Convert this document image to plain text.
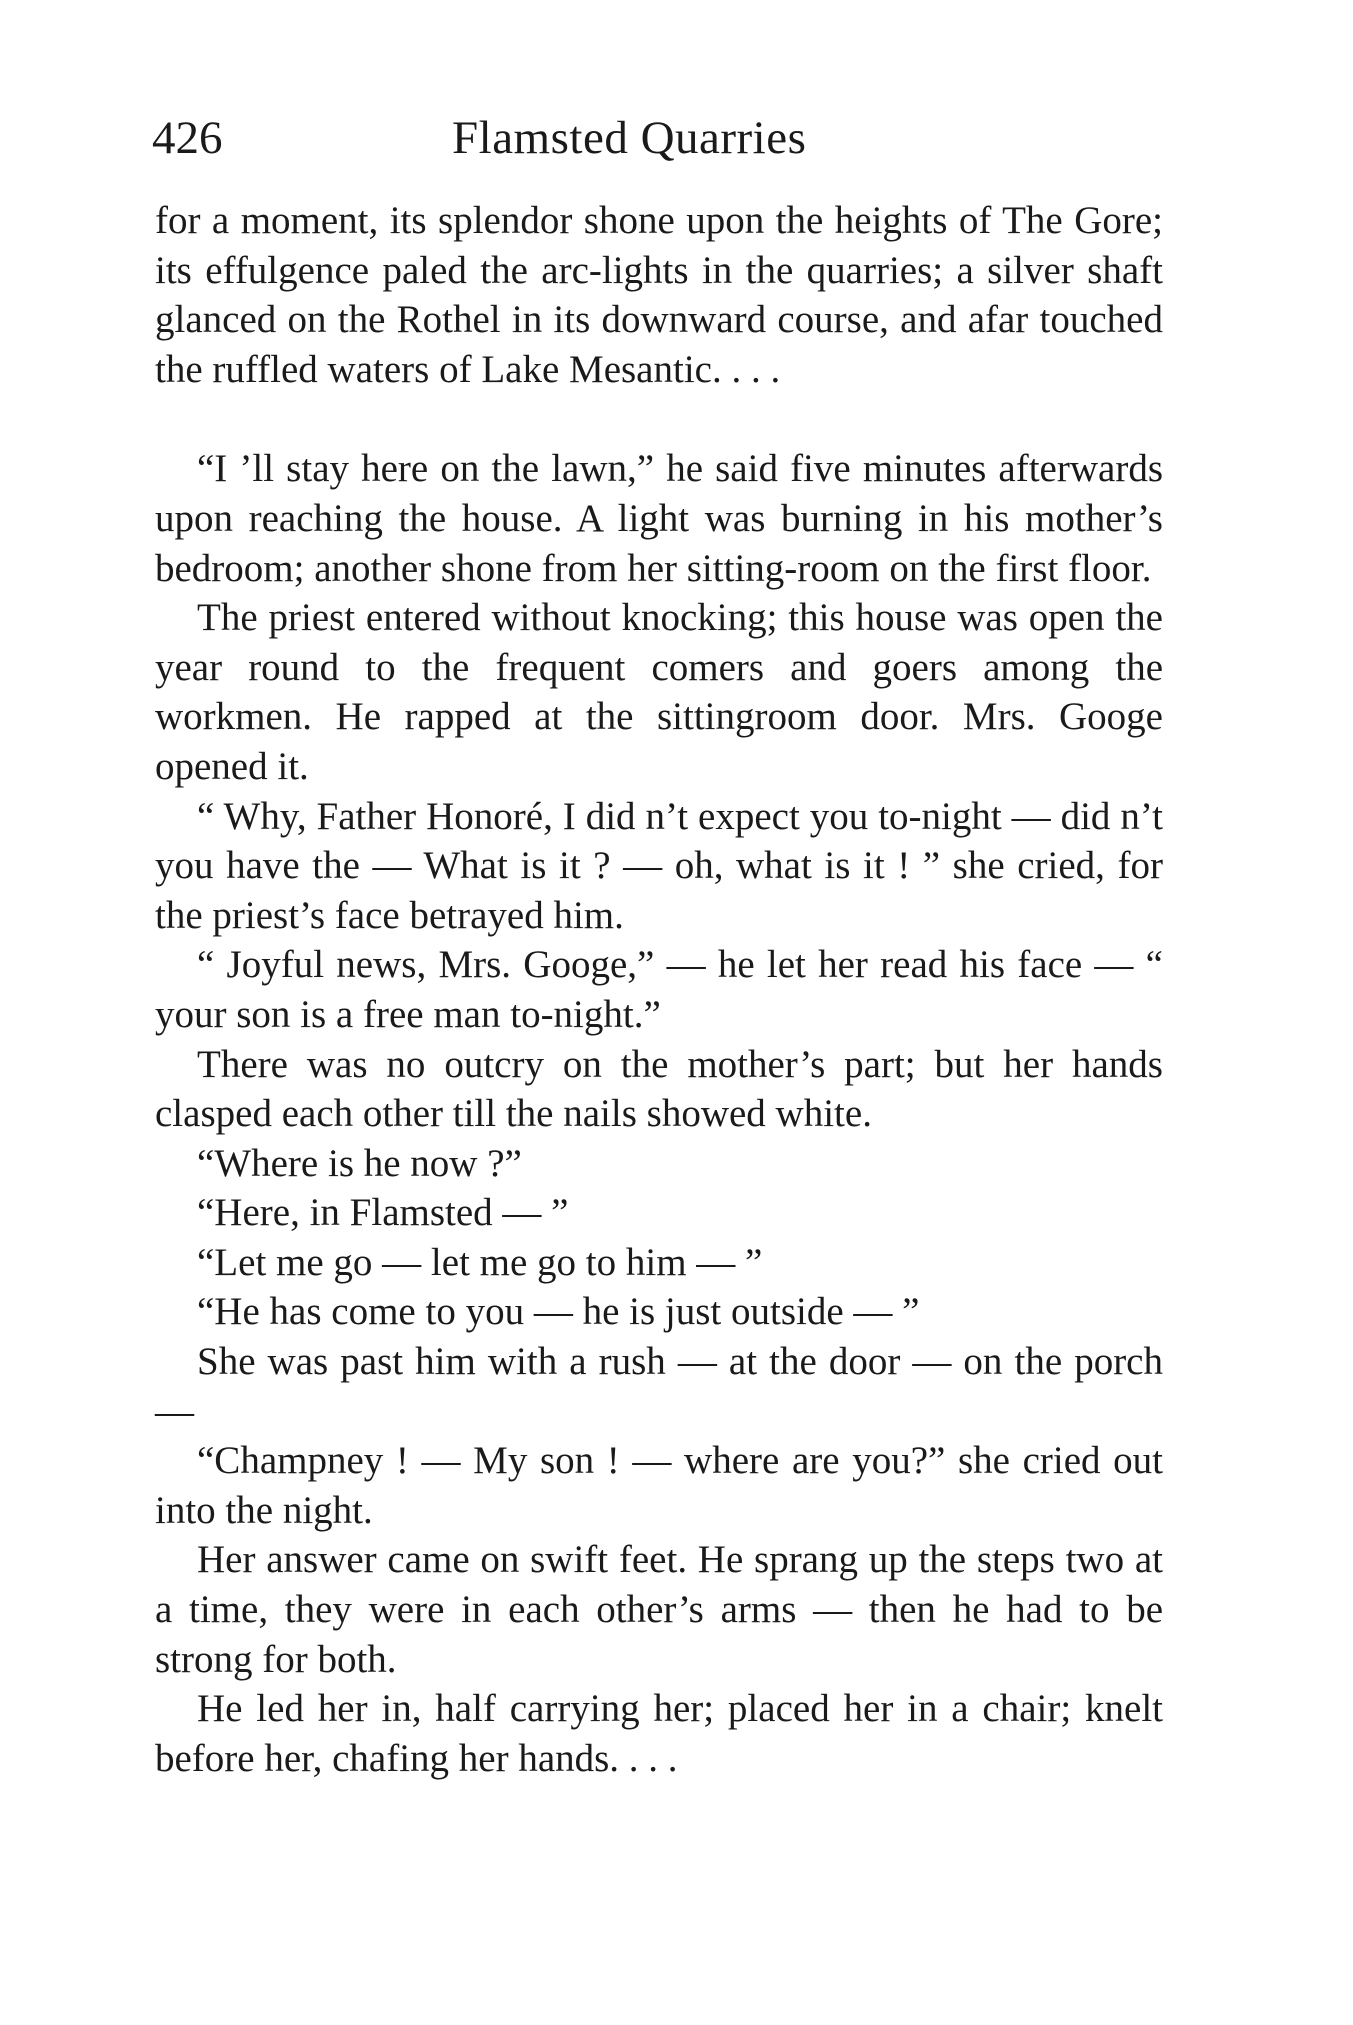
426	Flamsted Quarries

for a moment, its splendor shone upon the heights of The Gore; its effulgence paled the arc-lights in the quarries; a silver shaft glanced on the Rothel in its downward course, and afar touched the ruffled waters of Lake Mesantic. . . .

“I ’ll stay here on the lawn,” he said five minutes afterwards upon reaching the house. A light was burning in his mother’s bedroom; another shone from her sitting-room on the first floor.

The priest entered without knocking; this house was open the year round to the frequent comers and goers among the workmen. He rapped at the sittingroom door. Mrs. Googe opened it.

“ Why, Father Honoré, I did n’t expect you to-night — did n’t you have the — What is it ? — oh, what is it ! ” she cried, for the priest’s face betrayed him.

“ Joyful news, Mrs. Googe,” — he let her read his face — “ your son is a free man to-night.”

There was no outcry on the mother’s part; but her hands clasped each other till the nails showed white.

“Where is he now ?”

“Here, in Flamsted — ”

“Let me go — let me go to him — ”

“He has come to you — he is just outside — ”

She was past him with a rush — at the door — on the porch —

“Champney ! — My son ! — where are you?” she cried out into the night.

Her answer came on swift feet. He sprang up the steps two at a time, they were in each other’s arms — then he had to be strong for both.

He led her in, half carrying her; placed her in a chair; knelt before her, chafing her hands. . . .
